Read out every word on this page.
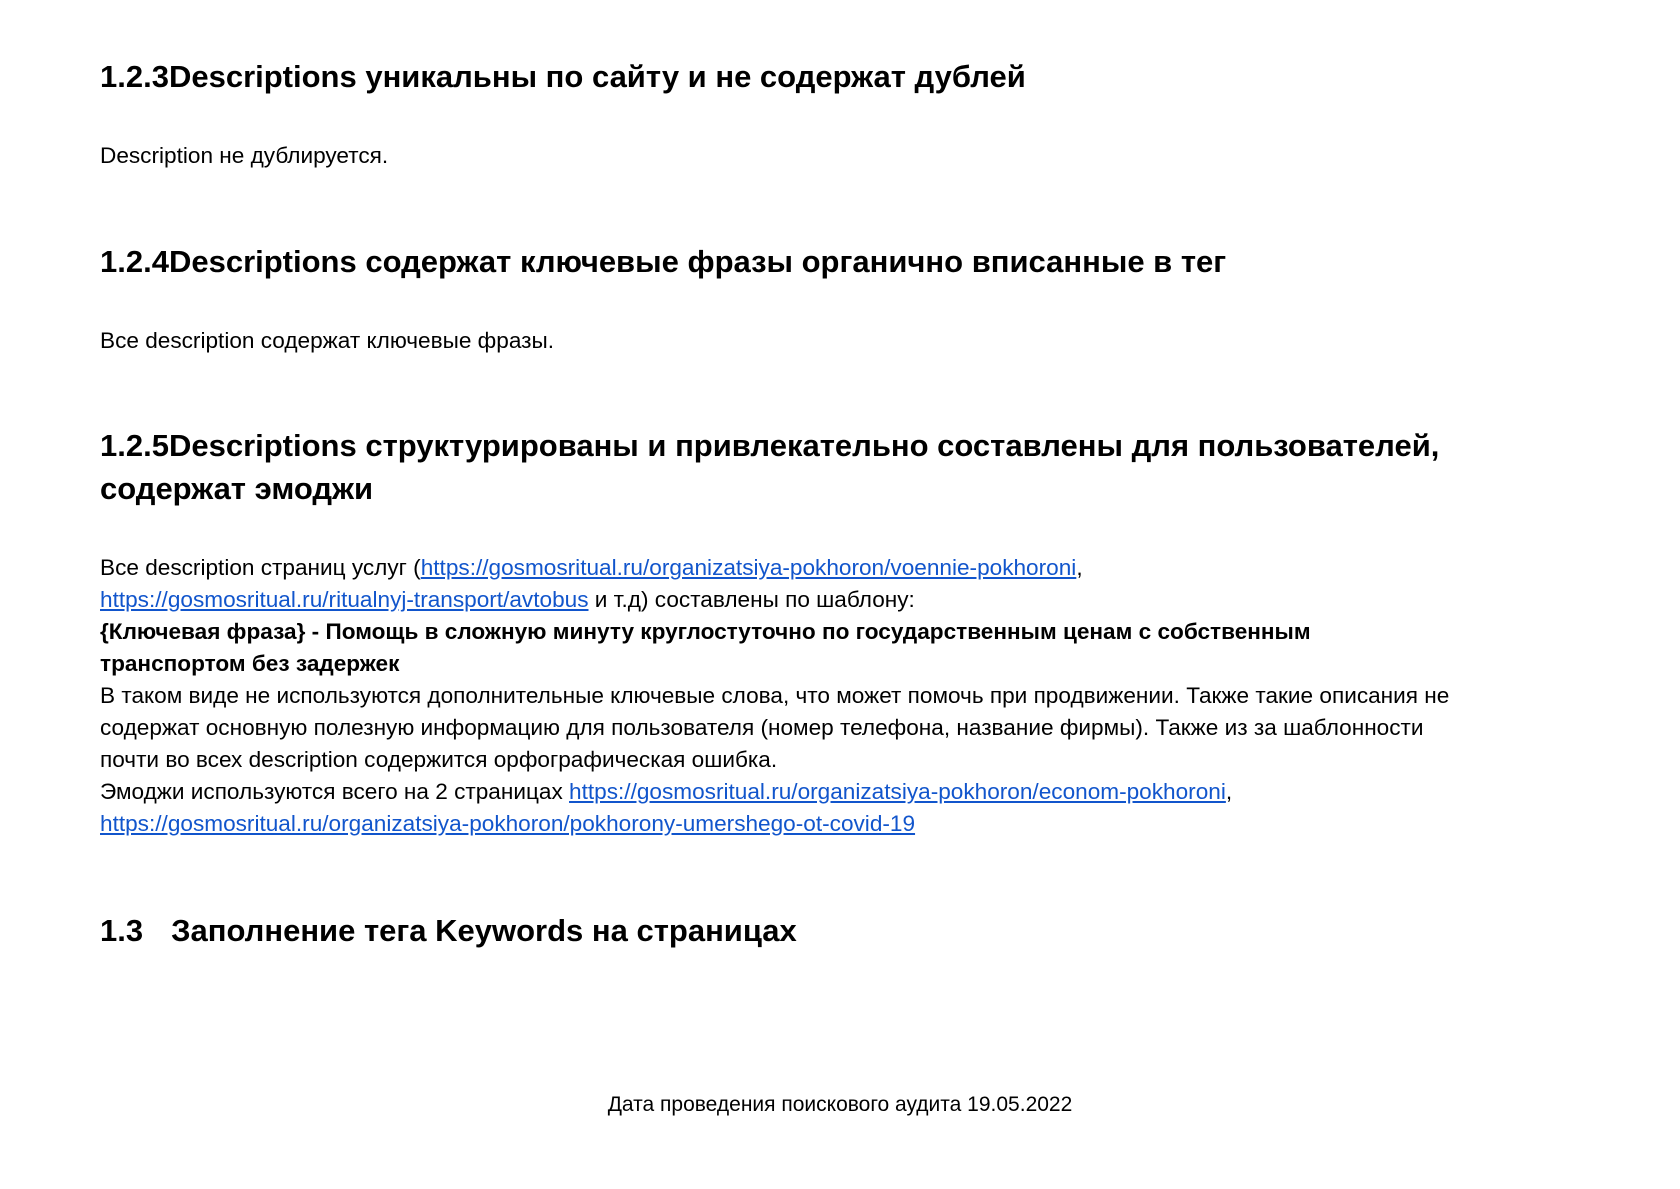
1.2.3Descriptions уникальны по сайту и не содержат дублей

Description не дублируется.

1.2.4Descriptions содержат ключевые фразы органично вписанные в тег

Все description содержат ключевые фразы.

1.2.5Descriptions структурированы и привлекательно составлены для пользователей,
содержат эмоджи

Все description страниц услуг (https://gosmosritual.ru/organizatsiya-pokhoron/voennie-pokhoroni,

https://gosmosritual.ru/ritualnyj-transport/avtobus и т.д) составлены по шаблону:

{Ключевая фраза} - Помощь в сложную минуту круглостуточно по государственным ценам с собственным

транспортом без задержек

В таком виде не используются дополнительные ключевые слова, что может помочь при продвижении. Также такие описания не

содержат основную полезную информацию для пользователя (номер телефона, название фирмы). Также из за шаблонности

почти во всех description содержится орфографическая ошибка.

Эмоджи используются всего на 2 страницах https://gosmosritual.ru/organizatsiya-pokhoron/econom-pokhoroni,

https://gosmosritual.ru/organizatsiya-pokhoron/pokhorony-umershego-ot-covid-19

1.3 Заполнение тега Keywords на страницах
Дата проведения поискового аудита 19.05.2022
